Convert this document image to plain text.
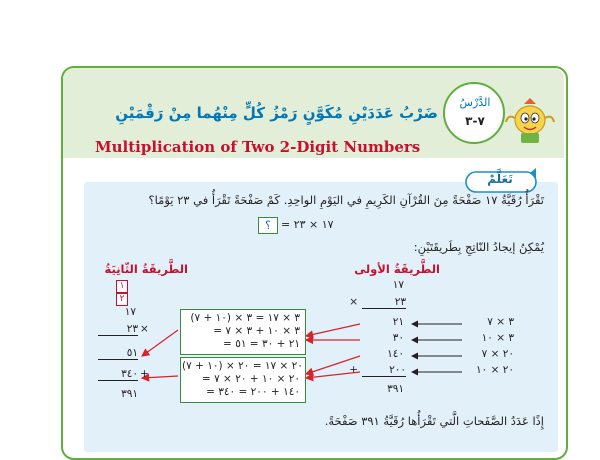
الدَّرْسُ
٧-٣
ضَرْبُ عَدَدَيْنِ مُكَوَّنٍ رَمْزُ كُلٍّ مِنْهُما مِنْ رَقْمَيْنِ
Multiplication of Two 2-Digit Numbers
تَعَلَّمْ
تَقْرَأُ رُقَيَّةُ ١٧ صَفْحَةً مِنَ القُرْآنِ الكَرِيمِ في اليَوْمِ الواحِدِ. كَمْ صَفْحَةً تَقْرَأُ في ٢٣ يَوْمًا؟
؟ = ١٧ × ٢٣
يُمْكِنُ إيجادُ النّاتِجِ بِطَريقَتَيْنِ:
الطَّريقَةُ الأولى
١٧
×	٢٣
٢١
٣٠
١٤٠
+	٢٠٠
٣٩١
٣ × ٧
٣ × ١٠
٢٠ × ٧
٢٠ × ١٠
٣ × ١٧ = ٣ × (١٠ + ٧)
= ٣ × ١٠ + ٣ × ٧
= ٢١ + ٣٠ = ٥١
٢٠ × ١٧ = ٢٠ × (١٠ + ٧)
= ٢٠ × ١٠ + ٢٠ × ٧
= ١٤٠ + ٢٠٠ = ٣٤٠
الطَّريقَةُ الثّانِيَةُ
١
٢
١٧
×
٢٣
٥١
+
٣٤٠
٣٩١
إِذًا عَدَدُ الصَّفَحاتِ الَّتي تَقْرَأُها رُقَيَّةُ ٣٩١ صَفْحَةً.
